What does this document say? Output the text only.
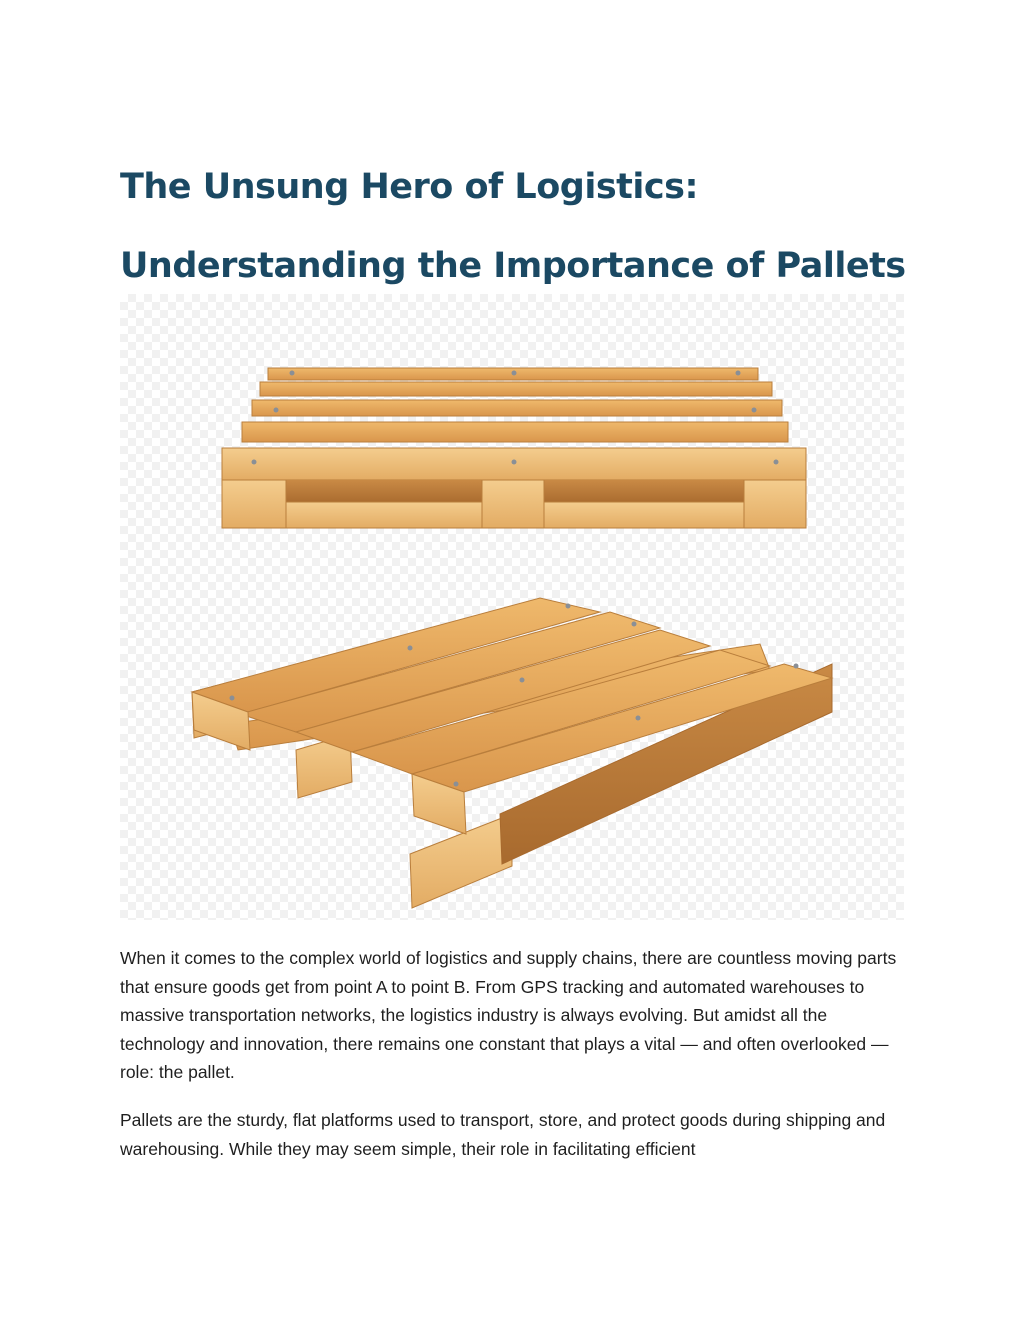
The Unsung Hero of Logistics: Understanding the Importance of Pallets

When it comes to the complex world of logistics and supply chains, there are countless moving parts that ensure goods get from point A to point B. From GPS tracking and automated warehouses to massive transportation networks, the logistics industry is always evolving. But amidst all the technology and innovation, there remains one constant that plays a vital — and often overlooked — role: the pallet.

Pallets are the sturdy, flat platforms used to transport, store, and protect goods during shipping and warehousing. While they may seem simple, their role in facilitating efficient
